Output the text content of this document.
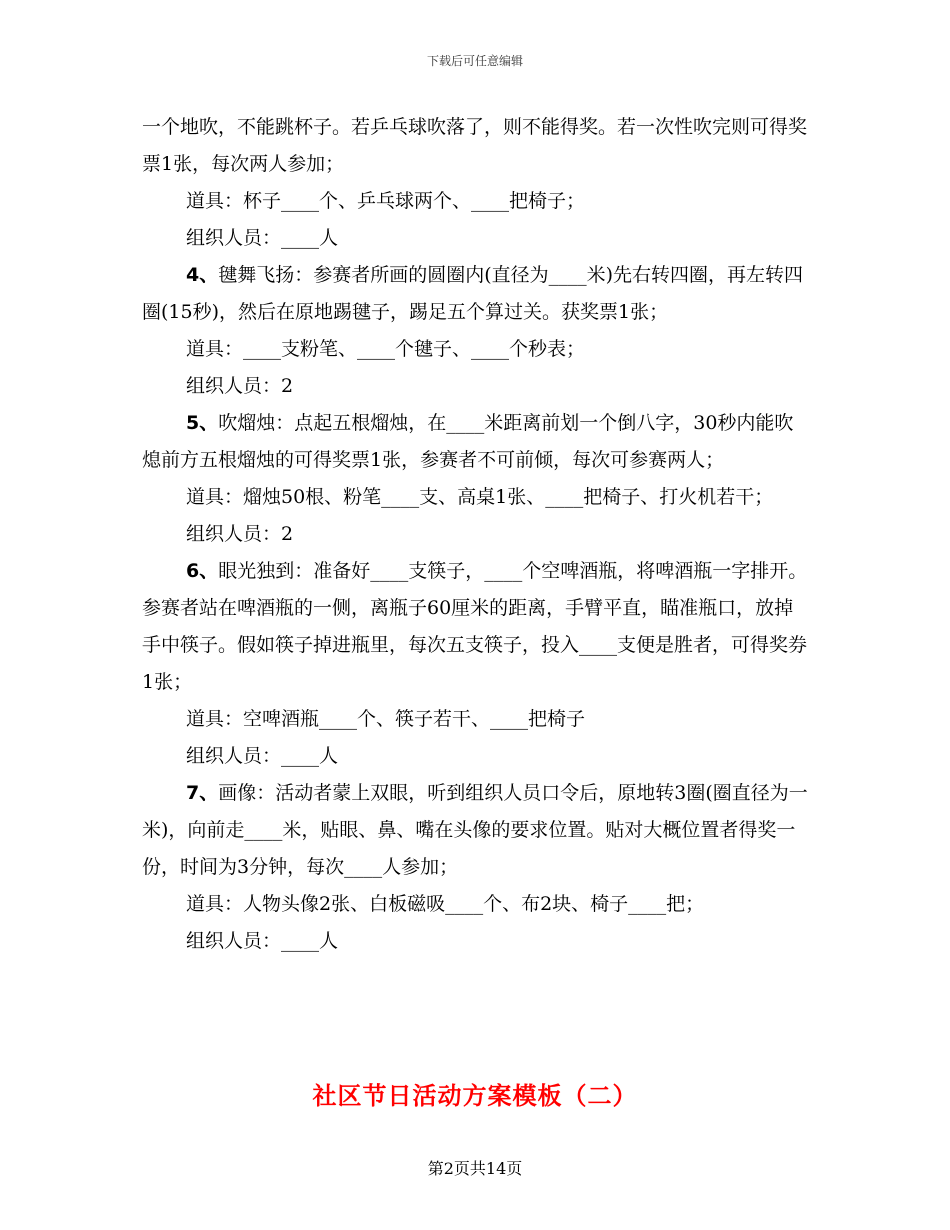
下载后可任意编辑

一个地吹，不能跳杯子。若乒乓球吹落了，则不能得奖。若一次性吹完则可得奖票1张，每次两人参加；

道具：杯子____个、乒乓球两个、____把椅子；

组织人员：____人

4、毽舞飞扬：参赛者所画的圆圈内(直径为____米)先右转四圈，再左转四圈(15秒)，然后在原地踢毽子，踢足五个算过关。获奖票1张；

道具：____支粉笔、____个毽子、____个秒表；

组织人员：2

5、吹熘烛：点起五根熘烛，在____米距离前划一个倒八字，30秒内能吹熄前方五根熘烛的可得奖票1张，参赛者不可前倾，每次可参赛两人；

道具：熘烛50根、粉笔____支、高桌1张、____把椅子、打火机若干；

组织人员：2

6、眼光独到：准备好____支筷子，____个空啤酒瓶，将啤酒瓶一字排开。参赛者站在啤酒瓶的一侧，离瓶子60厘米的距离，手臂平直，瞄准瓶口，放掉手中筷子。假如筷子掉进瓶里，每次五支筷子，投入____支便是胜者，可得奖券1张；

道具：空啤酒瓶____个、筷子若干、____把椅子

组织人员：____人

7、画像：活动者蒙上双眼，听到组织人员口令后，原地转3圈(圈直径为一米)，向前走____米，贴眼、鼻、嘴在头像的要求位置。贴对大概位置者得奖一份，时间为3分钟，每次____人参加；

道具：人物头像2张、白板磁吸____个、布2块、椅子____把；

组织人员：____人

社区节日活动方案模板（二）
第2页共14页
